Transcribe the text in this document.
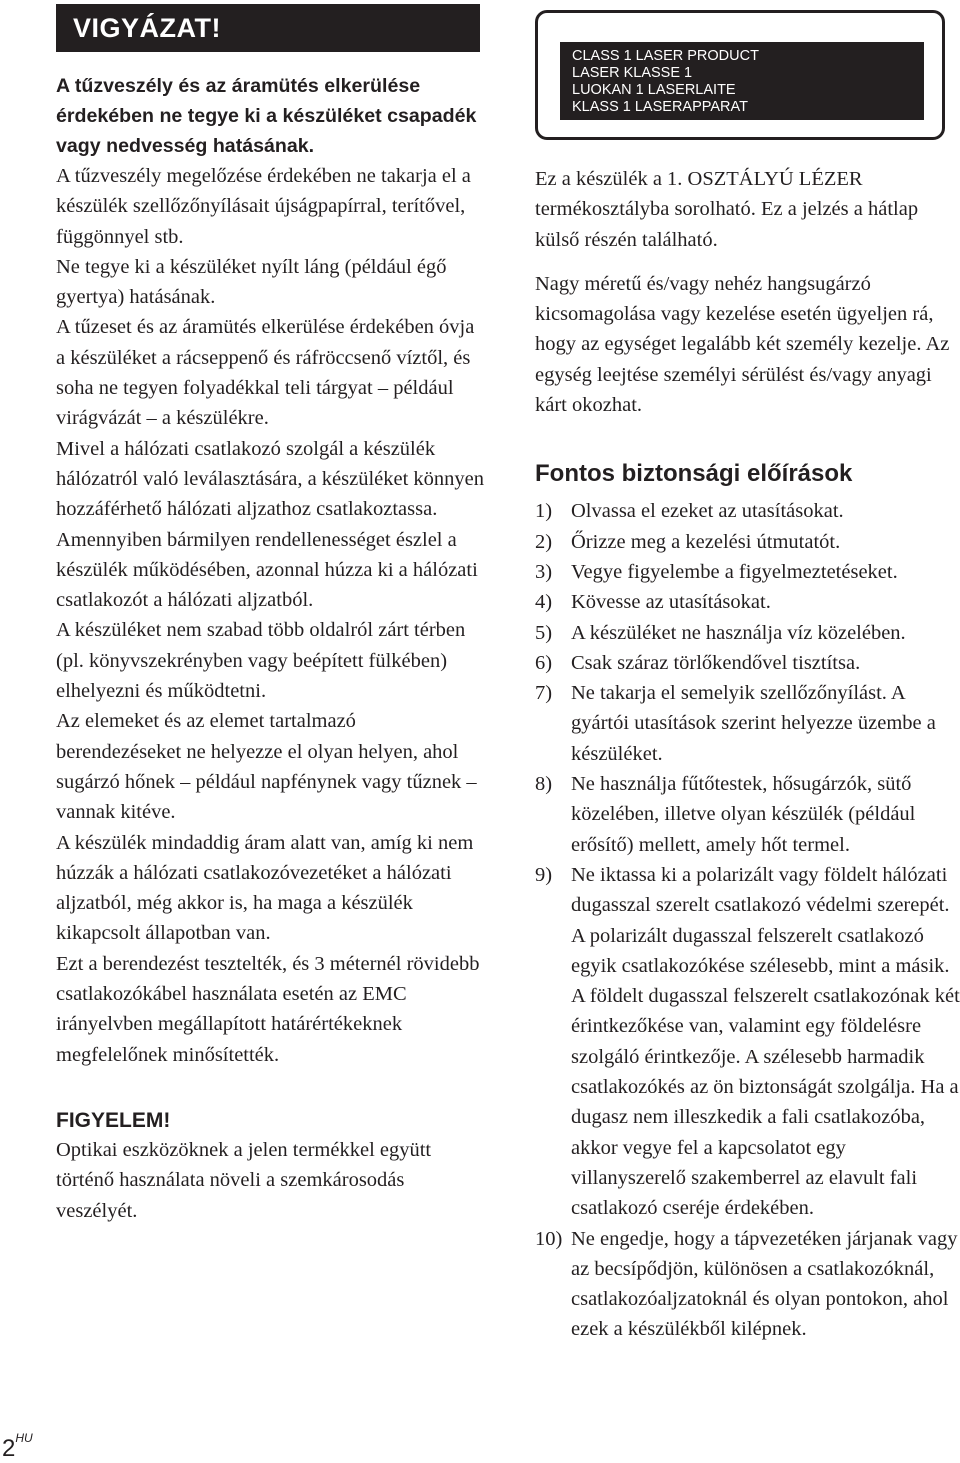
VIGYÁZAT!
A tűzveszély és az áramütés elkerülése érdekében ne tegye ki a készüléket csapadék vagy nedvesség hatásának.

A tűzveszély megelőzése érdekében ne takarja el a készülék szellőzőnyílásait újságpapírral, terítővel, függönnyel stb.

Ne tegye ki a készüléket nyílt láng (például égő gyertya) hatásának.

A tűzeset és az áramütés elkerülése érdekében óvja a készüléket a rácseppenő és ráfröccsenő víztől, és soha ne tegyen folyadékkal teli tárgyat – például virágvázát – a készülékre.

Mivel a hálózati csatlakozó szolgál a készülék hálózatról való leválasztására, a készüléket könnyen hozzáférhető hálózati aljzathoz csatlakoztassa. Amennyiben bármilyen rendellenességet észlel a készülék működésében, azonnal húzza ki a hálózati csatlakozót a hálózati aljzatból.

A készüléket nem szabad több oldalról zárt térben (pl. könyvszekrényben vagy beépített fülkében) elhelyezni és működtetni.

Az elemeket és az elemet tartalmazó berendezéseket ne helyezze el olyan helyen, ahol sugárzó hőnek – például napfénynek vagy tűznek – vannak kitéve.

A készülék mindaddig áram alatt van, amíg ki nem húzzák a hálózati csatlakozóvezetéket a hálózati aljzatból, még akkor is, ha maga a készülék kikapcsolt állapotban van.

Ezt a berendezést tesztelték, és 3 méternél rövidebb csatlakozókábel használata esetén az EMC irányelvben megállapított határértékeknek megfelelőnek minősítették.

FIGYELEM!

Optikai eszközöknek a jelen termékkel együtt történő használata növeli a szemkárosodás veszélyét.

CLASS 1 LASER PRODUCT
LASER KLASSE 1
LUOKAN 1 LASERLAITE
KLASS 1 LASERAPPARAT

Ez a készülék a 1. OSZTÁLYÚ LÉZER termékosztályba sorolható. Ez a jelzés a hátlap külső részén található.

Nagy méretű és/vagy nehéz hangsugárzó kicsomagolása vagy kezelése esetén ügyeljen rá, hogy az egységet legalább két személy kezelje. Az egység leejtése személyi sérülést és/vagy anyagi kárt okozhat.

Fontos biztonsági előírások
1) Olvassa el ezeket az utasításokat.
2) Őrizze meg a kezelési útmutatót.
3) Vegye figyelembe a figyelmeztetéseket.
4) Kövesse az utasításokat.
5) A készüléket ne használja víz közelében.
6) Csak száraz törlőkendővel tisztítsa.
7) Ne takarja el semelyik szellőzőnyílást. A gyártói utasítások szerint helyezze üzembe a készüléket.
8) Ne használja fűtőtestek, hősugárzók, sütő közelében, illetve olyan készülék (például erősítő) mellett, amely hőt termel.
9) Ne iktassa ki a polarizált vagy földelt hálózati dugasszal szerelt csatlakozó védelmi szerepét. A polarizált dugasszal felszerelt csatlakozó egyik csatlakozókése szélesebb, mint a másik. A földelt dugasszal felszerelt csatlakozónak két érintkezőkése van, valamint egy földelésre szolgáló érintkezője. A szélesebb harmadik csatlakozókés az ön biztonságát szolgálja. Ha a dugasz nem illeszkedik a fali csatlakozóba, akkor vegye fel a kapcsolatot egy villanyszerelő szakemberrel az elavult fali csatlakozó cseréje érdekében.
10) Ne engedje, hogy a tápvezetéken járjanak vagy az becsípődjön, különösen a csatlakozóknál, csatlakozóaljzatoknál és olyan pontokon, ahol ezek a készülékből kilépnek.
$2^{HU}$
